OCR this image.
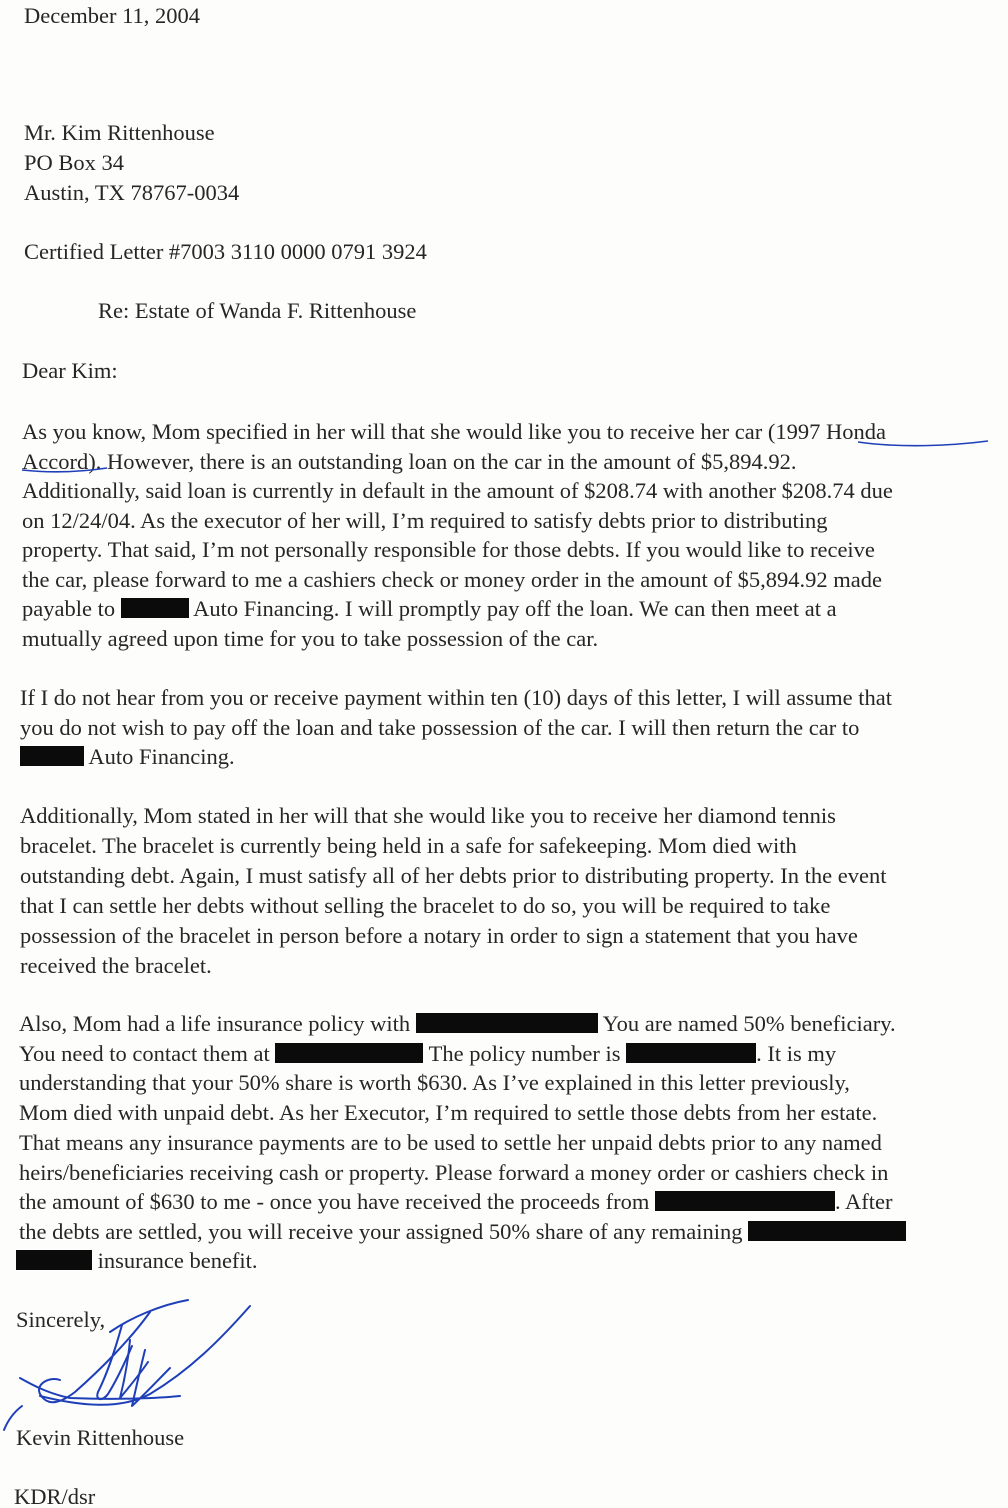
December 11, 2004
Mr. Kim Rittenhouse
PO Box 34
Austin, TX 78767-0034
Certified Letter #7003 3110 0000 0791 3924
Re: Estate of Wanda F. Rittenhouse
Dear Kim:
As you know, Mom specified in her will that she would like you to receive her car (1997 Honda
Accord). However, there is an outstanding loan on the car in the amount of $5,894.92.
Additionally, said loan is currently in default in the amount of $208.74 with another $208.74 due
on 12/24/04. As the executor of her will, I’m required to satisfy debts prior to distributing
property. That said, I’m not personally responsible for those debts. If you would like to receive
the car, please forward to me a cashiers check or money order in the amount of $5,894.92 made
payable to	Auto Financing. I will promptly pay off the loan. We can then meet at a
mutually agreed upon time for you to take possession of the car.
If I do not hear from you or receive payment within ten (10) days of this letter, I will assume that
you do not wish to pay off the loan and take possession of the car. I will then return the car to
Auto Financing.
Additionally, Mom stated in her will that she would like you to receive her diamond tennis
bracelet. The bracelet is currently being held in a safe for safekeeping. Mom died with
outstanding debt. Again, I must satisfy all of her debts prior to distributing property. In the event
that I can settle her debts without selling the bracelet to do so, you will be required to take
possession of the bracelet in person before a notary in order to sign a statement that you have
received the bracelet.
Also, Mom had a life insurance policy with	You are named 50% beneficiary.
You need to contact them at	The policy number is	. It is my
understanding that your 50% share is worth $630. As I’ve explained in this letter previously,
Mom died with unpaid debt. As her Executor, I’m required to settle those debts from her estate.
That means any insurance payments are to be used to settle her unpaid debts prior to any named
heirs/beneficiaries receiving cash or property. Please forward a money order or cashiers check in
the amount of $630 to me - once you have received the proceeds from	. After
the debts are settled, you will receive your assigned 50% share of any remaining
insurance benefit.
Sincerely,
Kevin Rittenhouse
KDR/dsr
